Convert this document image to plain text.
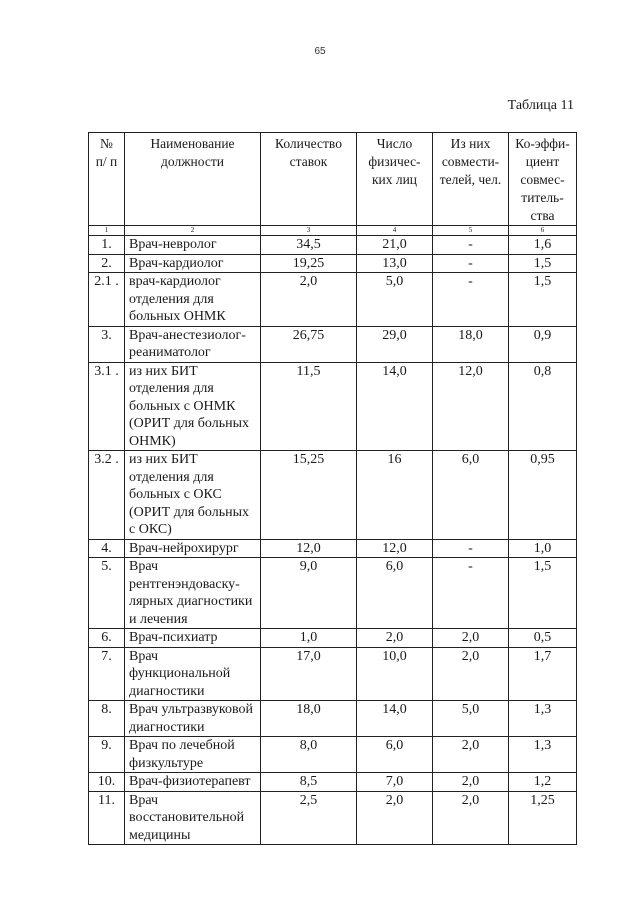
65
Таблица 11
№ п/ п	Наименование должности	Количество ставок	Число физичес-ких лиц	Из них совмести-телей, чел.	Ко-эффи-циент совмес-титель-ства
1	2	3	4	5	6
1.	Врач-невролог	34,5	21,0	-	1,6
2.	Врач-кардиолог	19,25	13,0	-	1,5
2.1 .	врач-кардиолог отделения для больных ОНМК	2,0	5,0	-	1,5
3.	Врач-анестезиолог-реаниматолог	26,75	29,0	18,0	0,9
3.1 .	из них БИТ отделения для больных с ОНМК (ОРИТ для больных ОНМК)	11,5	14,0	12,0	0,8
3.2 .	из них БИТ отделения для больных с ОКС (ОРИТ для больных с ОКС)	15,25	16	6,0	0,95
4.	Врач-нейрохирург	12,0	12,0	-	1,0
5.	Врач рентгенэндоваску-лярных диагностики и лечения	9,0	6,0	-	1,5
6.	Врач-психиатр	1,0	2,0	2,0	0,5
7.	Врач функциональной диагностики	17,0	10,0	2,0	1,7
8.	Врач ультразвуковой диагностики	18,0	14,0	5,0	1,3
9.	Врач по лечебной физкультуре	8,0	6,0	2,0	1,3
10.	Врач-физиотерапевт	8,5	7,0	2,0	1,2
11.	Врач восстановительной медицины	2,5	2,0	2,0	1,25
